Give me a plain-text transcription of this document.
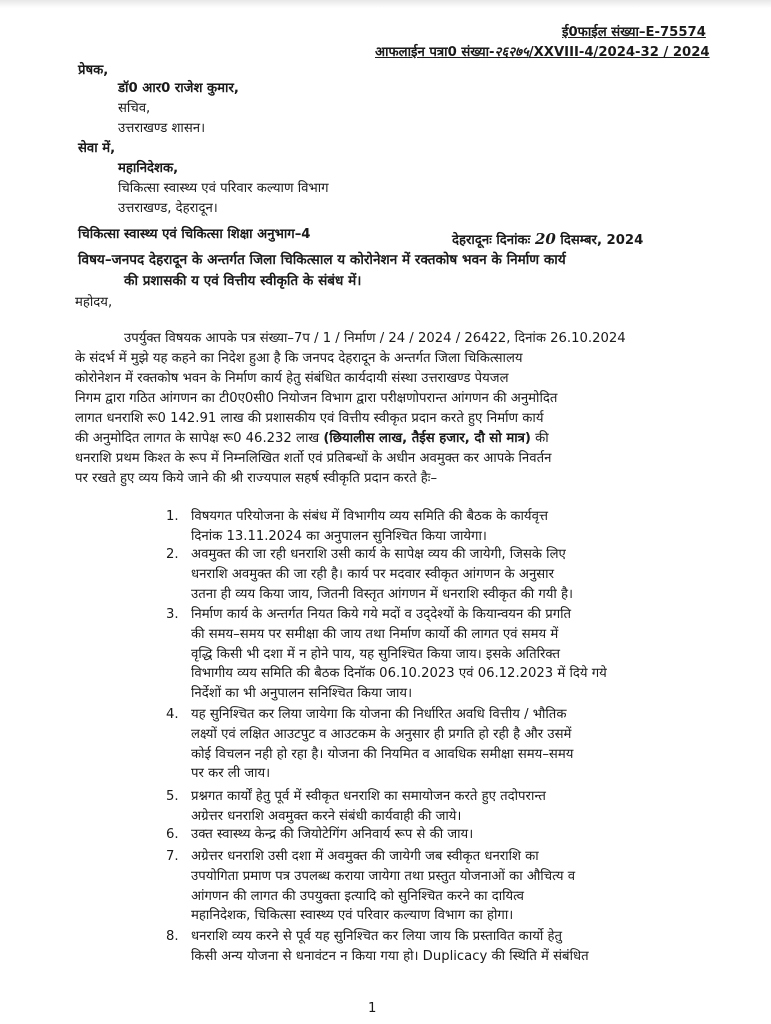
ई0फाईल संख्या–E-75574
आफलाईन पत्रा0 संख्या-२६२७५/XXVIII-4/2024-32 / 2024
प्रेषक,
डॉ0 आर0 राजेश कुमार,
सचिव,
उत्तराखण्ड शासन।
सेवा में,
महानिदेशक,
चिकित्सा स्वास्थ्य एवं परिवार कल्याण विभाग
उत्तराखण्ड, देहरादून।
चिकित्सा स्वास्थ्य एवं चिकित्सा शिक्षा अनुभाग–4	देहरादूनः दिनांकः 20 दिसम्बर, 2024
विषय–जनपद देहरादून के अन्तर्गत जिला चिकित्साल य कोरोनेशन में रक्तकोष भवन के निर्माण कार्य
की प्रशासकी य एवं वित्तीय स्वीकृति के संबंध में।
महोदय,
उपर्युक्त विषयक आपके पत्र संख्या–7प / 1 / निर्माण / 24 / 2024 / 26422, दिनांक 26.10.2024
के संदर्भ में मुझे यह कहने का निदेश हुआ है कि जनपद देहरादून के अन्तर्गत जिला चिकित्सालय
कोरोनेशन में रक्तकोष भवन के निर्माण कार्य हेतु संबंधित कार्यदायी संस्था उत्तराखण्ड पेयजल
निगम द्वारा गठित आंगणन का टी0ए0सी0 नियोजन विभाग द्वारा परीक्षणोपरान्त आंगणन की अनुमोदित
लागत धनराशि रू0 142.91 लाख की प्रशासकीय एवं वित्तीय स्वीकृत प्रदान करते हुए निर्माण कार्य
की अनुमोदित लागत के सापेक्ष रू0 46.232 लाख (छियालीस लाख, तैईस हजार, दौ सो मात्र) की
धनराशि प्रथम किश्त के रूप में निम्नलिखित शर्तो एवं प्रतिबन्धों के अधीन अवमुक्त कर आपके निवर्तन
पर रखते हुए व्यय किये जाने की श्री राज्यपाल सहर्ष स्वीकृति प्रदान करते हैः–
1. विषयगत परियोजना के संबंध में विभागीय व्यय समिति की बैठक के कार्यवृत्त
दिनांक 13.11.2024 का अनुपालन सुनिश्चित किया जायेगा।
2. अवमुक्त की जा रही धनराशि उसी कार्य के सापेक्ष व्यय की जायेगी, जिसके लिए
धनराशि अवमुक्त की जा रही है। कार्य पर मदवार स्वीकृत आंगणन के अनुसार
उतना ही व्यय किया जाय, जितनी विस्तृत आंगणन में धनराशि स्वीकृत की गयी है।
3. निर्माण कार्य के अन्तर्गत नियत किये गये मदों व उद्‌देश्यों के कियान्वयन की प्रगति
की समय–समय पर समीक्षा की जाय तथा निर्माण कार्यो की लागत एवं समय में
वृद्धि किसी भी दशा में न होने पाय, यह सुनिश्चित किया जाय। इसके अतिरिक्त
विभागीय व्यय समिति की बैठक दिनॉक 06.10.2023 एवं 06.12.2023 में दिये गये
निर्देशों का भी अनुपालन सनिश्चित किया जाय।
4. यह सुनिश्चित कर लिया जायेगा कि योजना की निर्धारित अवधि वित्तीय / भौतिक
लक्ष्यों एवं लक्षित आउटपुट व आउटकम के अनुसार ही प्रगति हो रही है और उसमें
कोई विचलन नही हो रहा है। योजना की नियमित व आवधिक समीक्षा समय–समय
पर कर ली जाय।
5. प्रश्नगत कार्यों हेतु पूर्व में स्वीकृत धनराशि का समायोजन करते हुए तदोपरान्त
अग्रेत्तर धनराशि अवमुक्त करने संबंधी कार्यवाही की जाये।
6. उक्त स्वास्थ्य केन्द्र की जियोटेगिंग अनिवार्य रूप से की जाय।
7. अग्रेत्तर धनराशि उसी दशा में अवमुक्त की जायेगी जब स्वीकृत धनराशि का
उपयोगिता प्रमाण पत्र उपलब्ध कराया जायेगा तथा प्रस्तुत योजनाओं का औचित्य व
आंगणन की लागत की उपयुक्ता इत्यादि को सुनिश्चित करने का दायित्व
महानिदेशक, चिकित्सा स्वास्थ्य एवं परिवार कल्याण विभाग का होगा।
8. धनराशि व्यय करने से पूर्व यह सुनिश्चित कर लिया जाय कि प्रस्तावित कार्यो हेतु
किसी अन्य योजना से धनावंटन न किया गया हो। Duplicacy की स्थिति में संबंधित
1
